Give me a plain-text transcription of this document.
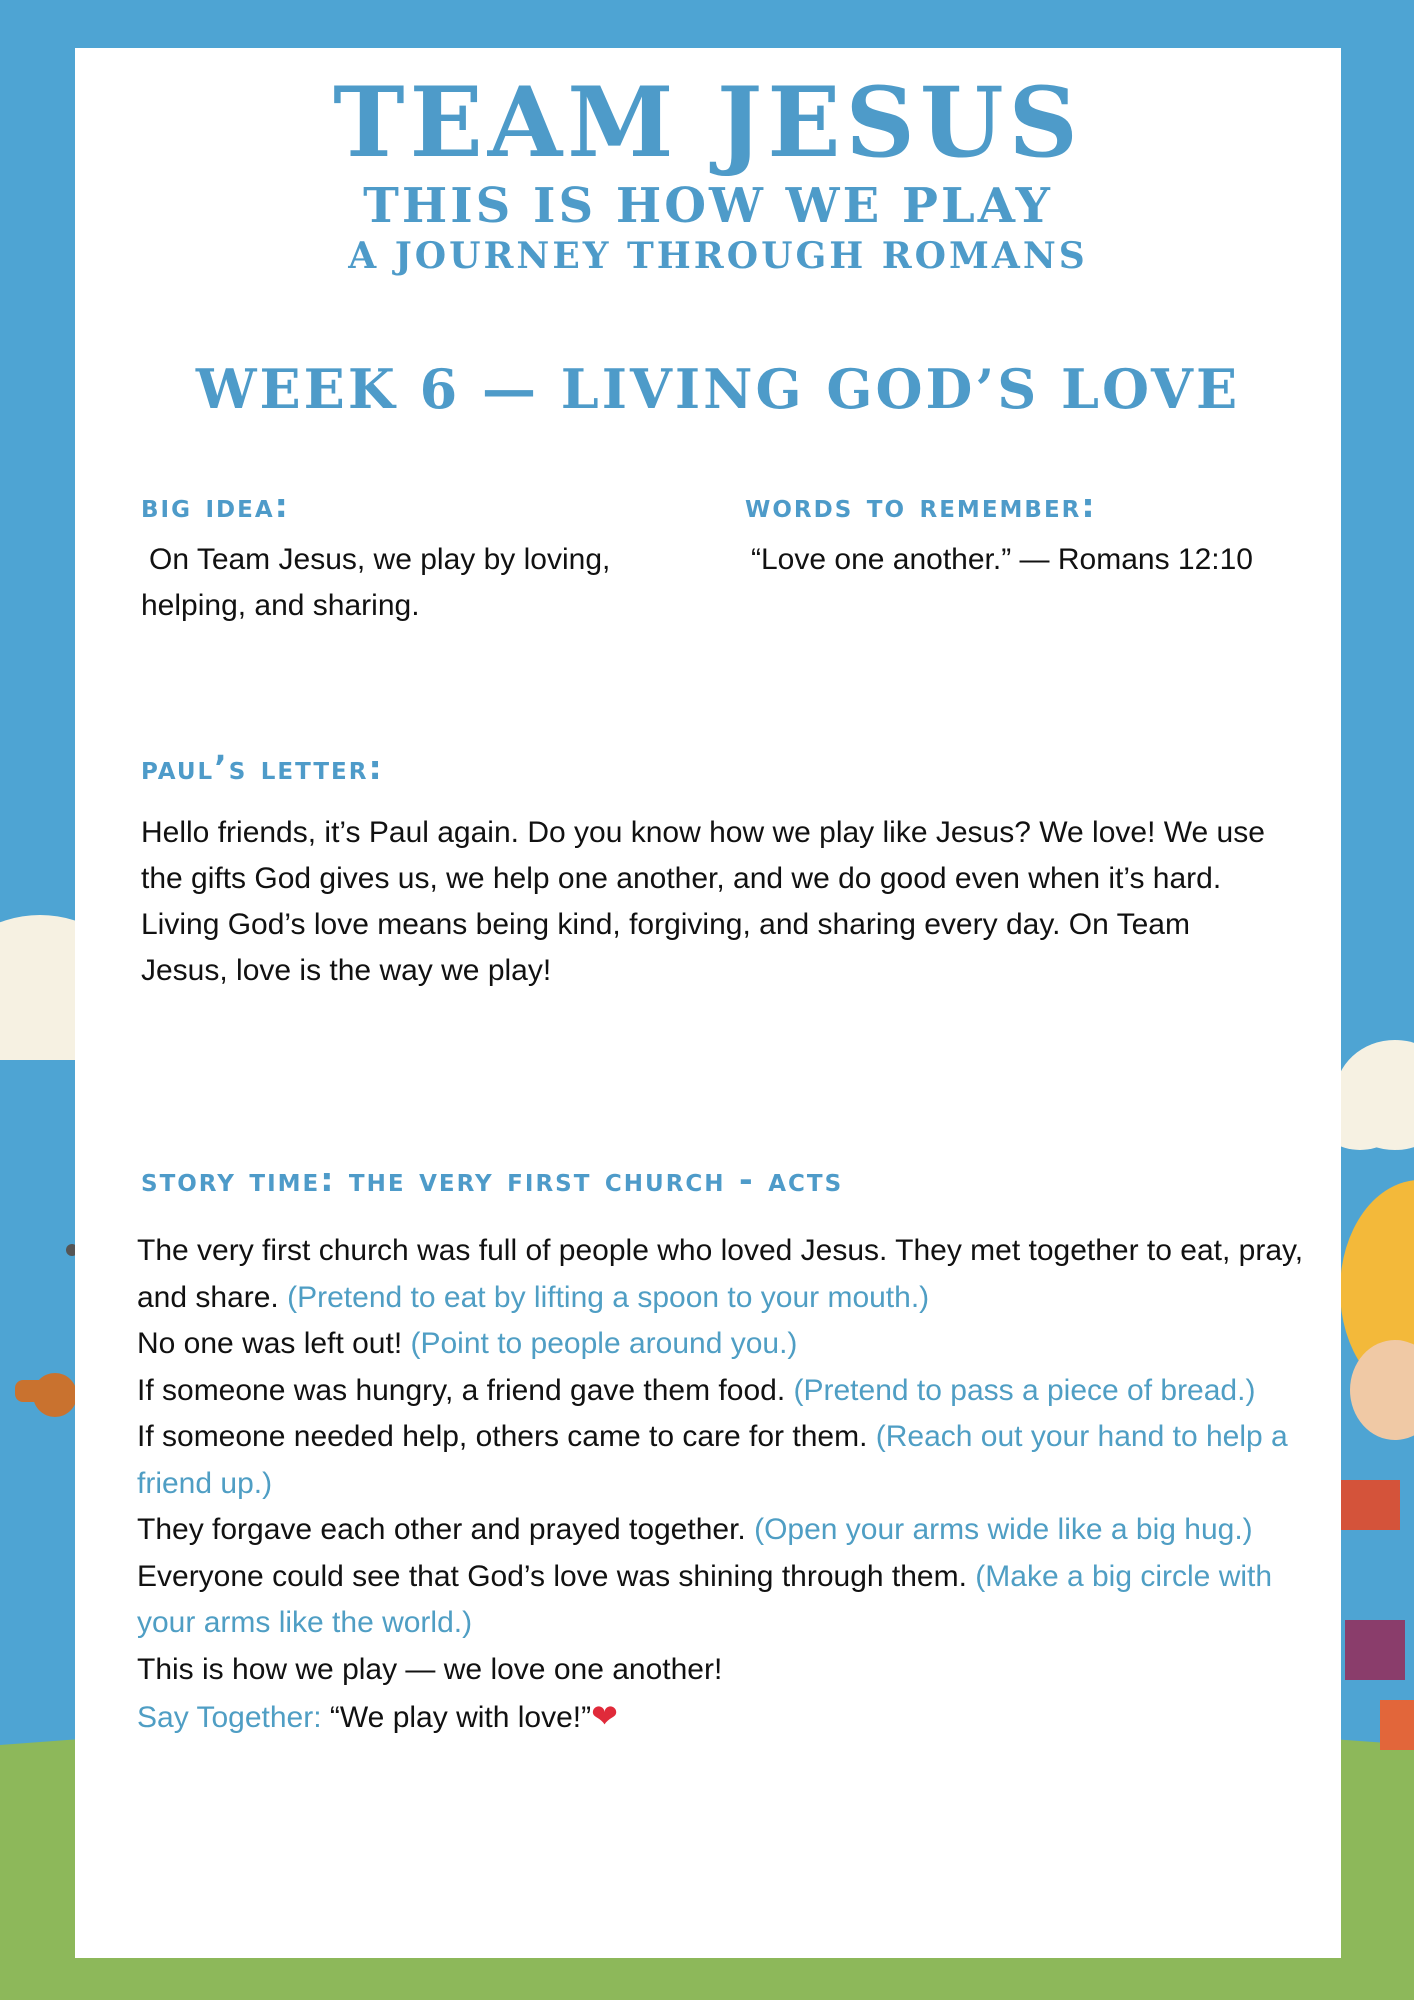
TEAM JESUS
THIS IS HOW WE PLAY
A JOURNEY THROUGH ROMANS
WEEK 6 — LIVING GOD’S LOVE
big idea:

On Team Jesus, we play by loving, helping, and sharing.

words to remember:

“Love one another.” — Romans 12:10

paul’s letter:

Hello friends, it’s Paul again. Do you know how we play like Jesus? We love! We use the gifts God gives us, we help one another, and we do good even when it’s hard. Living God’s love means being kind, forgiving, and sharing every day. On Team Jesus, love is the way we play!

story time: the very first church - acts

The very first church was full of people who loved Jesus. They met together to eat, pray, and share. (Pretend to eat by lifting a spoon to your mouth.)

No one was left out! (Point to people around you.)

If someone was hungry, a friend gave them food. (Pretend to pass a piece of bread.)

If someone needed help, others came to care for them. (Reach out your hand to help a friend up.)

They forgave each other and prayed together. (Open your arms wide like a big hug.)

Everyone could see that God’s love was shining through them. (Make a big circle with your arms like the world.)

This is how we play — we love one another!

Say Together: “We play with love!”❤
